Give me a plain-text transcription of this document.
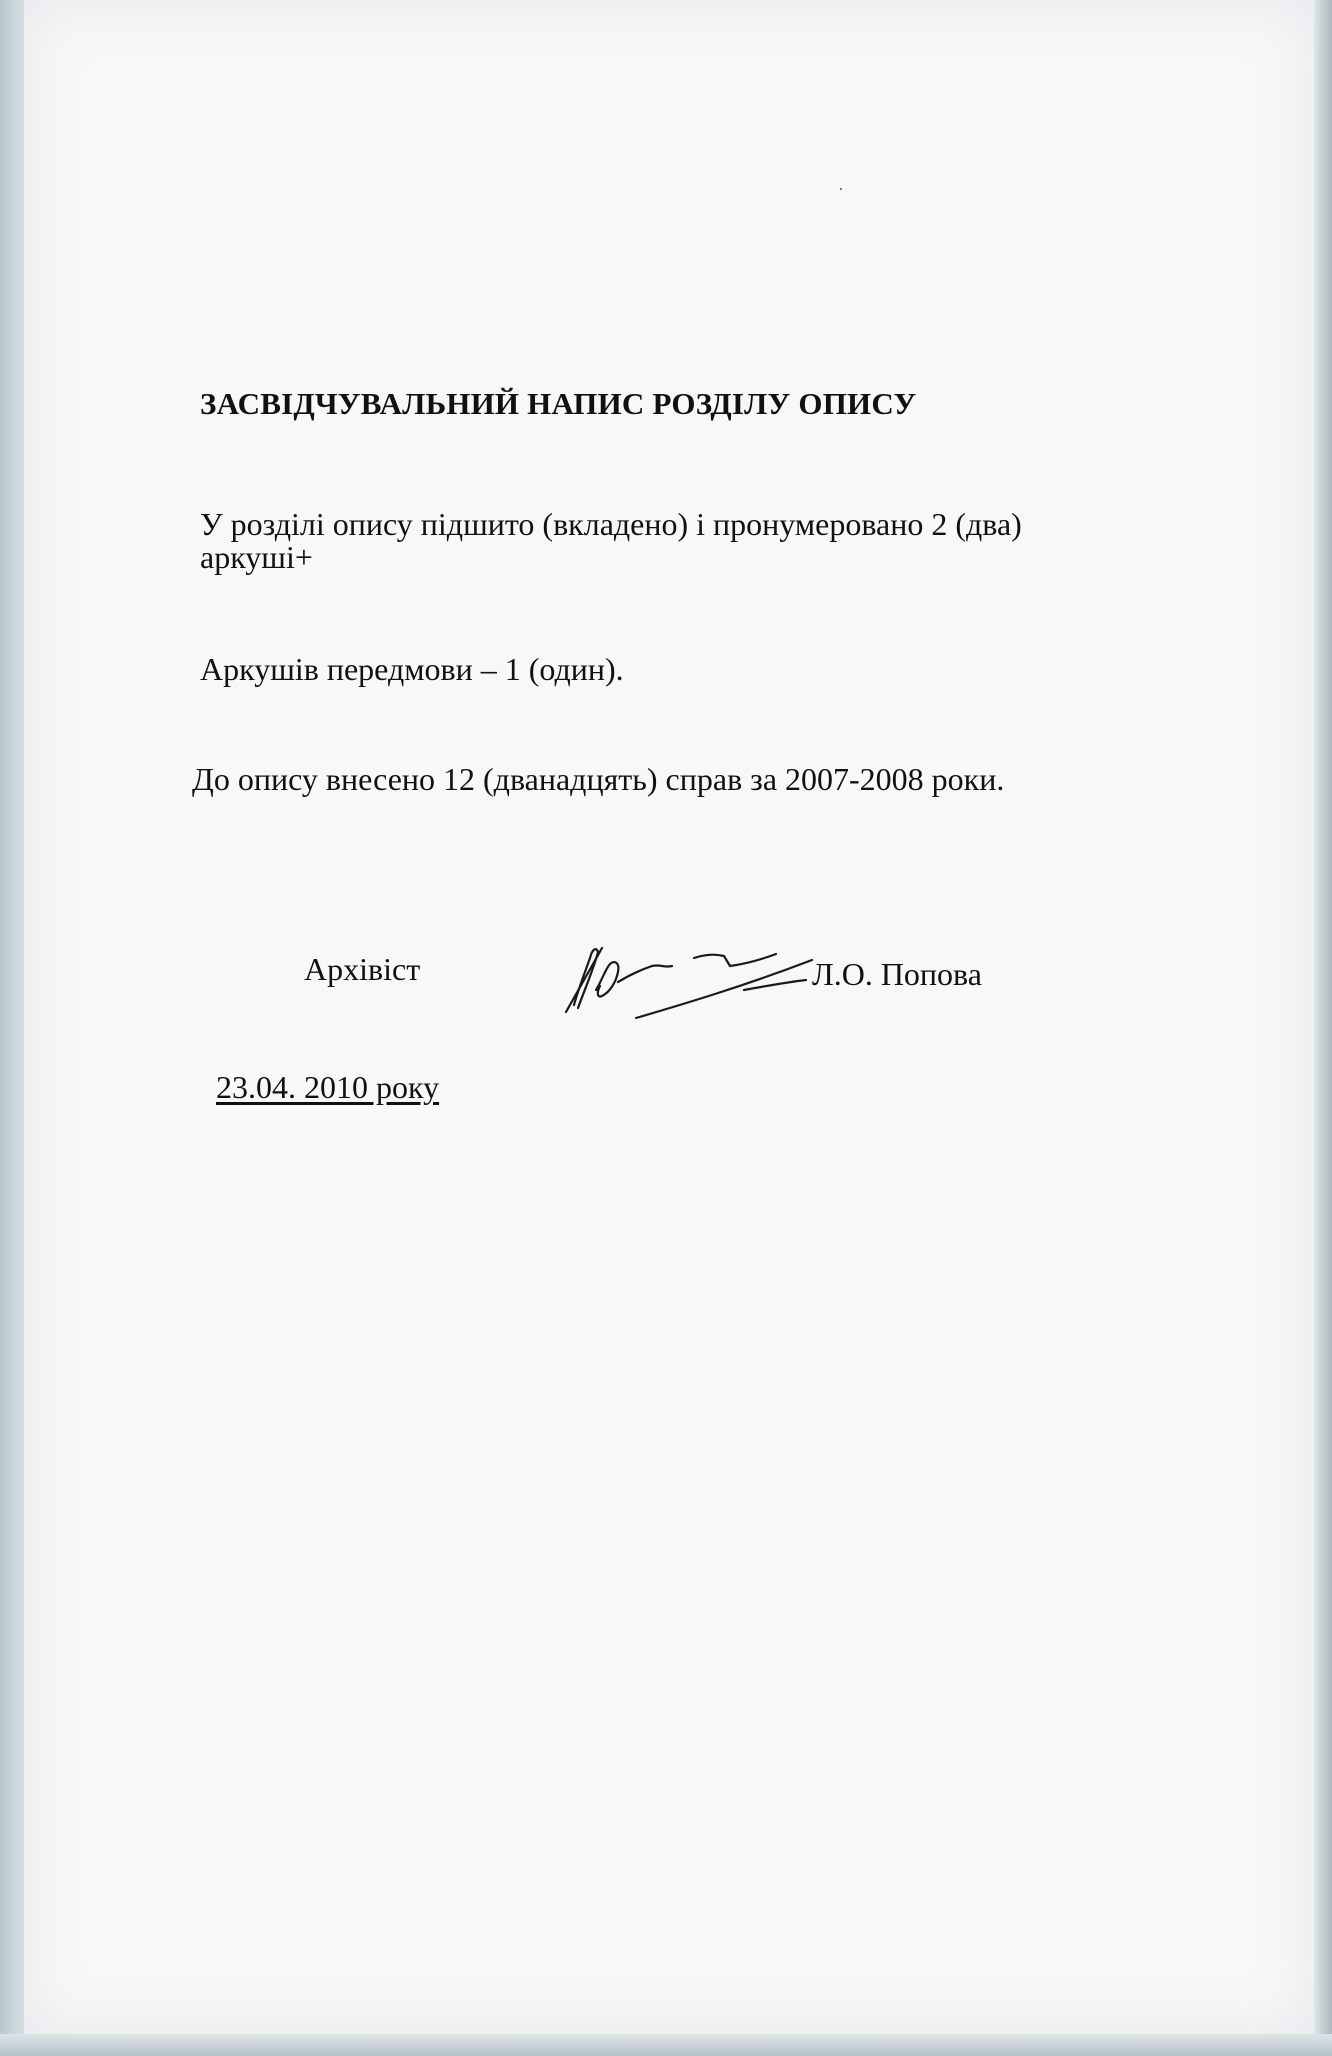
ЗАСВІДЧУВАЛЬНИЙ НАПИС РОЗДІЛУ ОПИСУ
У розділі опису підшито (вкладено) і пронумеровано 2 (два)
аркуші+
Аркушів передмови – 1 (один).
До опису внесено 12 (дванадцять) справ за 2007-2008 роки.
Архівіст	Л.О. Попова
23.04. 2010 року
